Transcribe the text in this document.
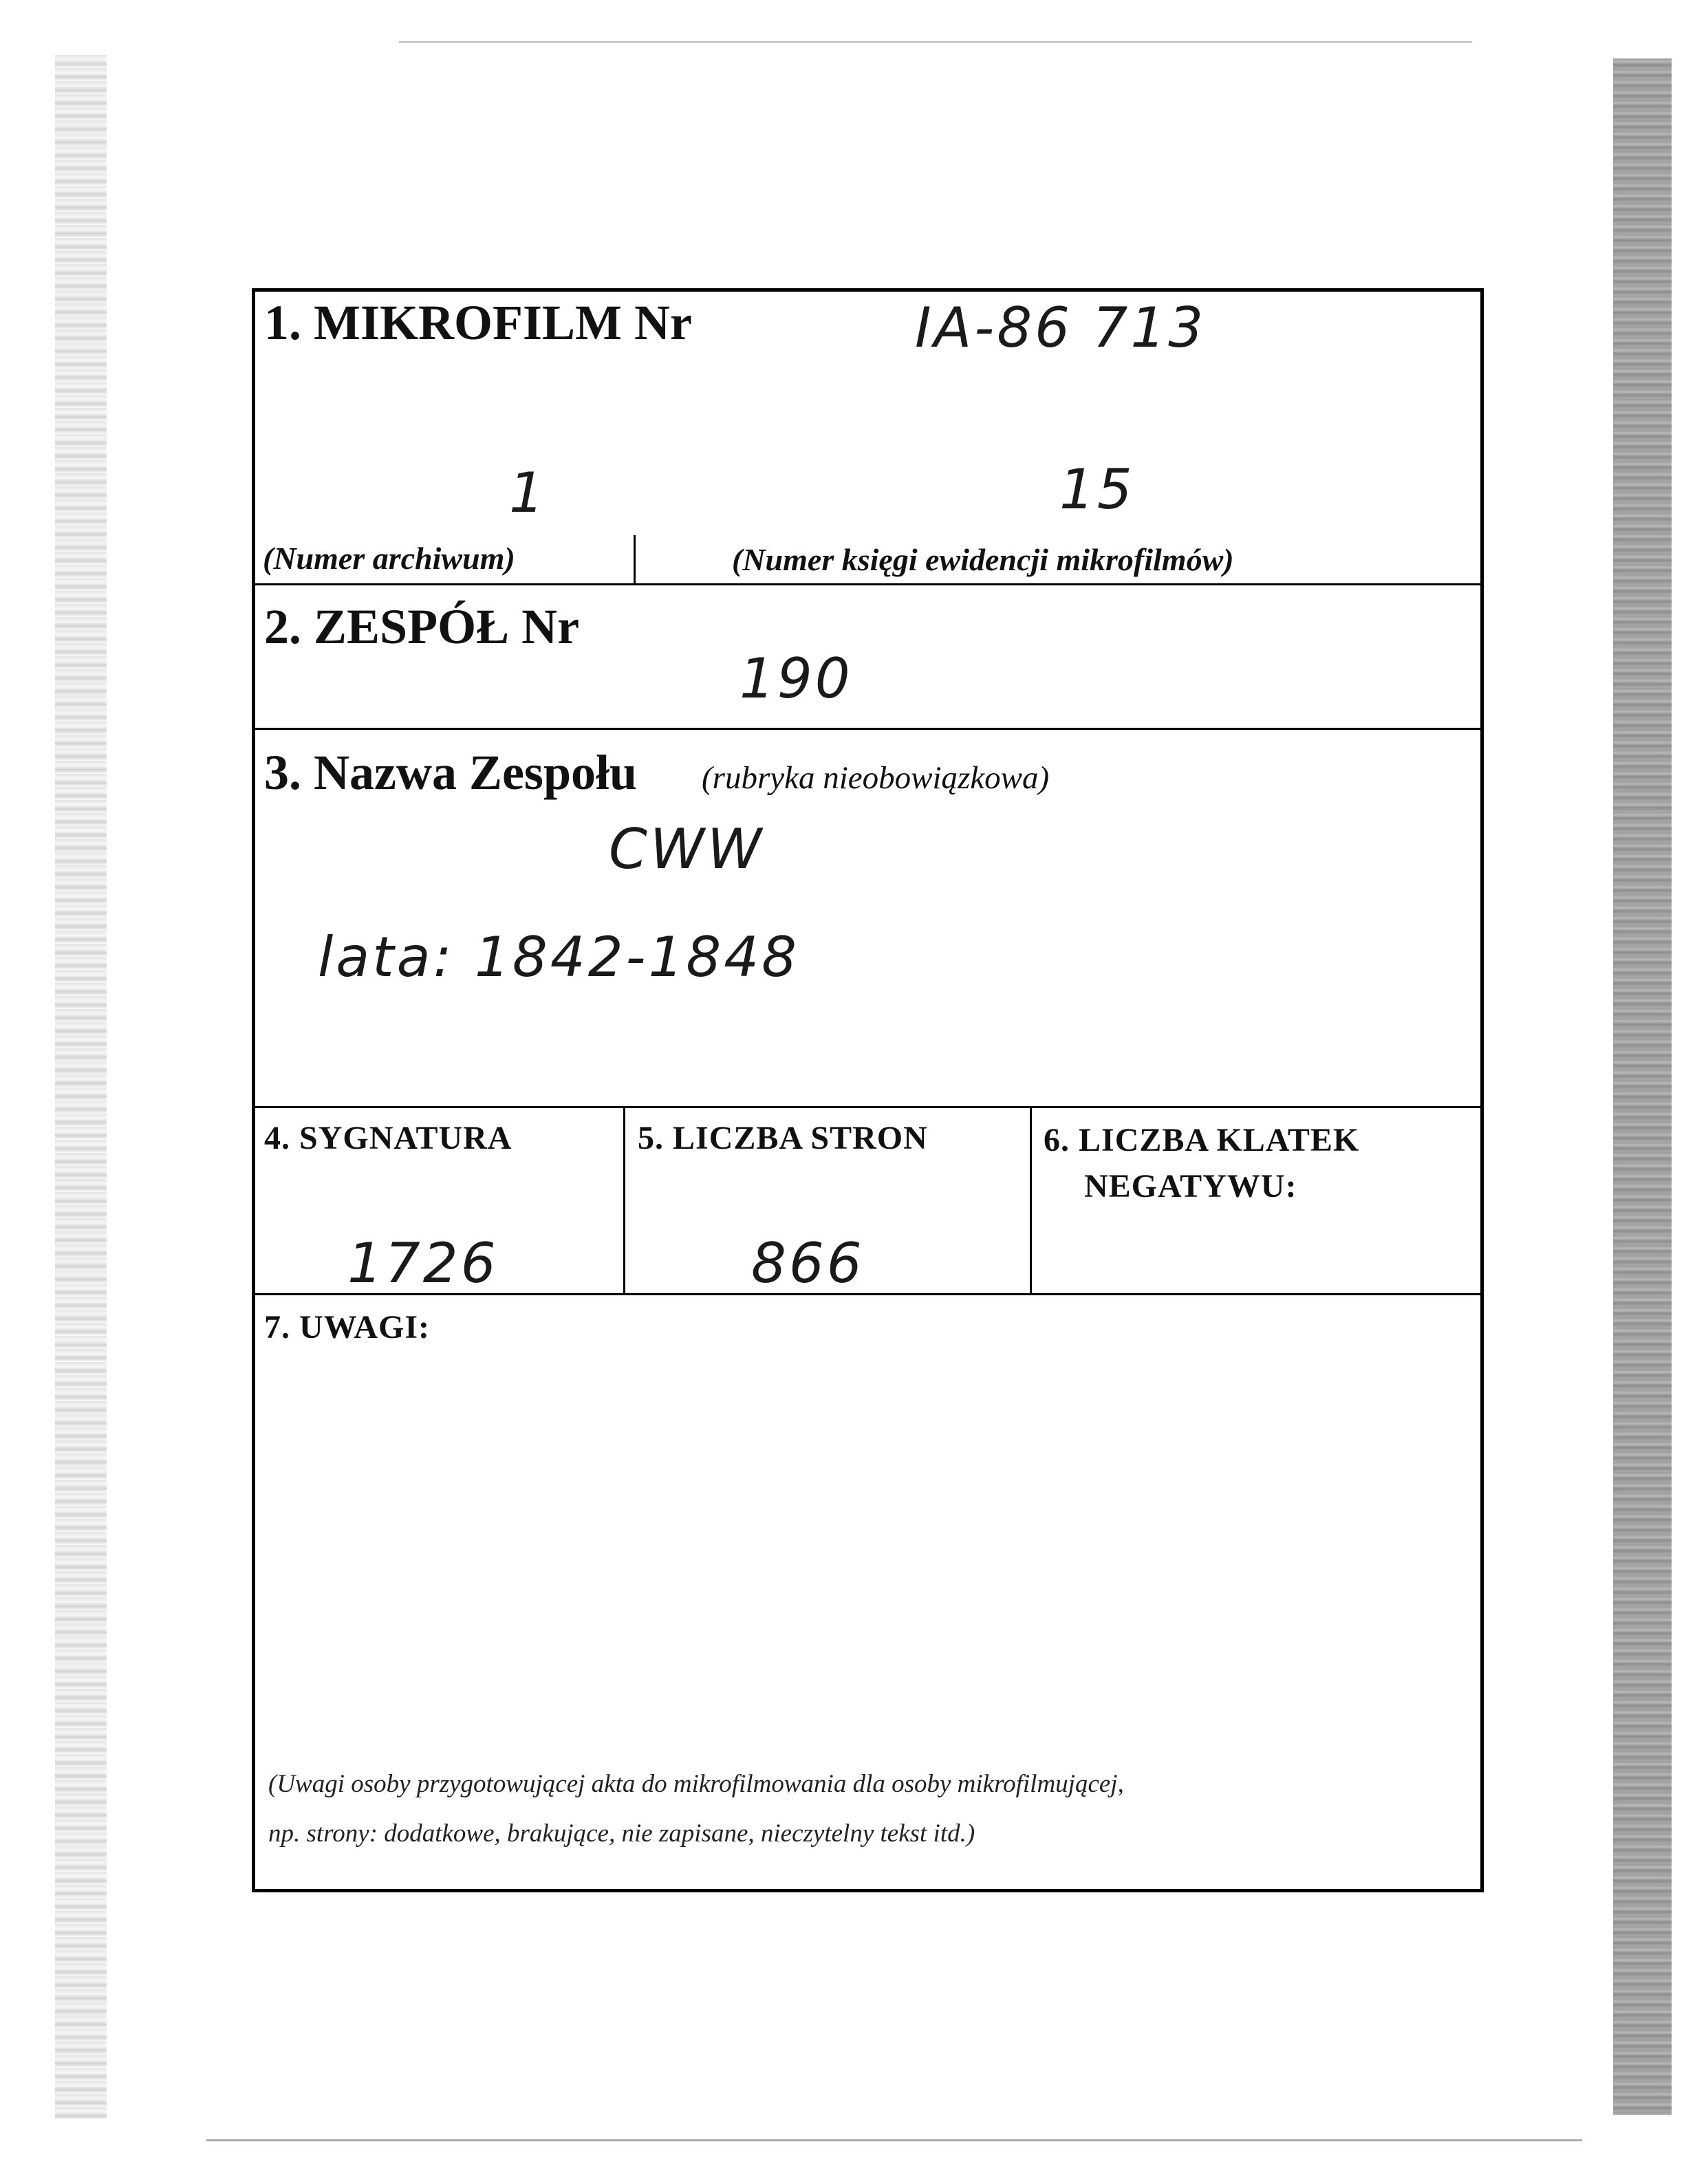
1. MIKROFILM Nr	IA-86 713
1	15
(Numer archiwum)	(Numer księgi ewidencji mikrofilmów)
2. ZESPÓŁ Nr
190
3. Nazwa Zespołu (rubryka nieobowiązkowa)
CWW
lata: 1842-1848
4. SYGNATURA
1726
5. LICZBA STRON
866
6. LICZBA KLATEK
NEGATYWU:
7. UWAGI:
(Uwagi osoby przygotowującej akta do mikrofilmowania dla osoby mikrofilmującej,
np. strony: dodatkowe, brakujące, nie zapisane, nieczytelny tekst itd.)
